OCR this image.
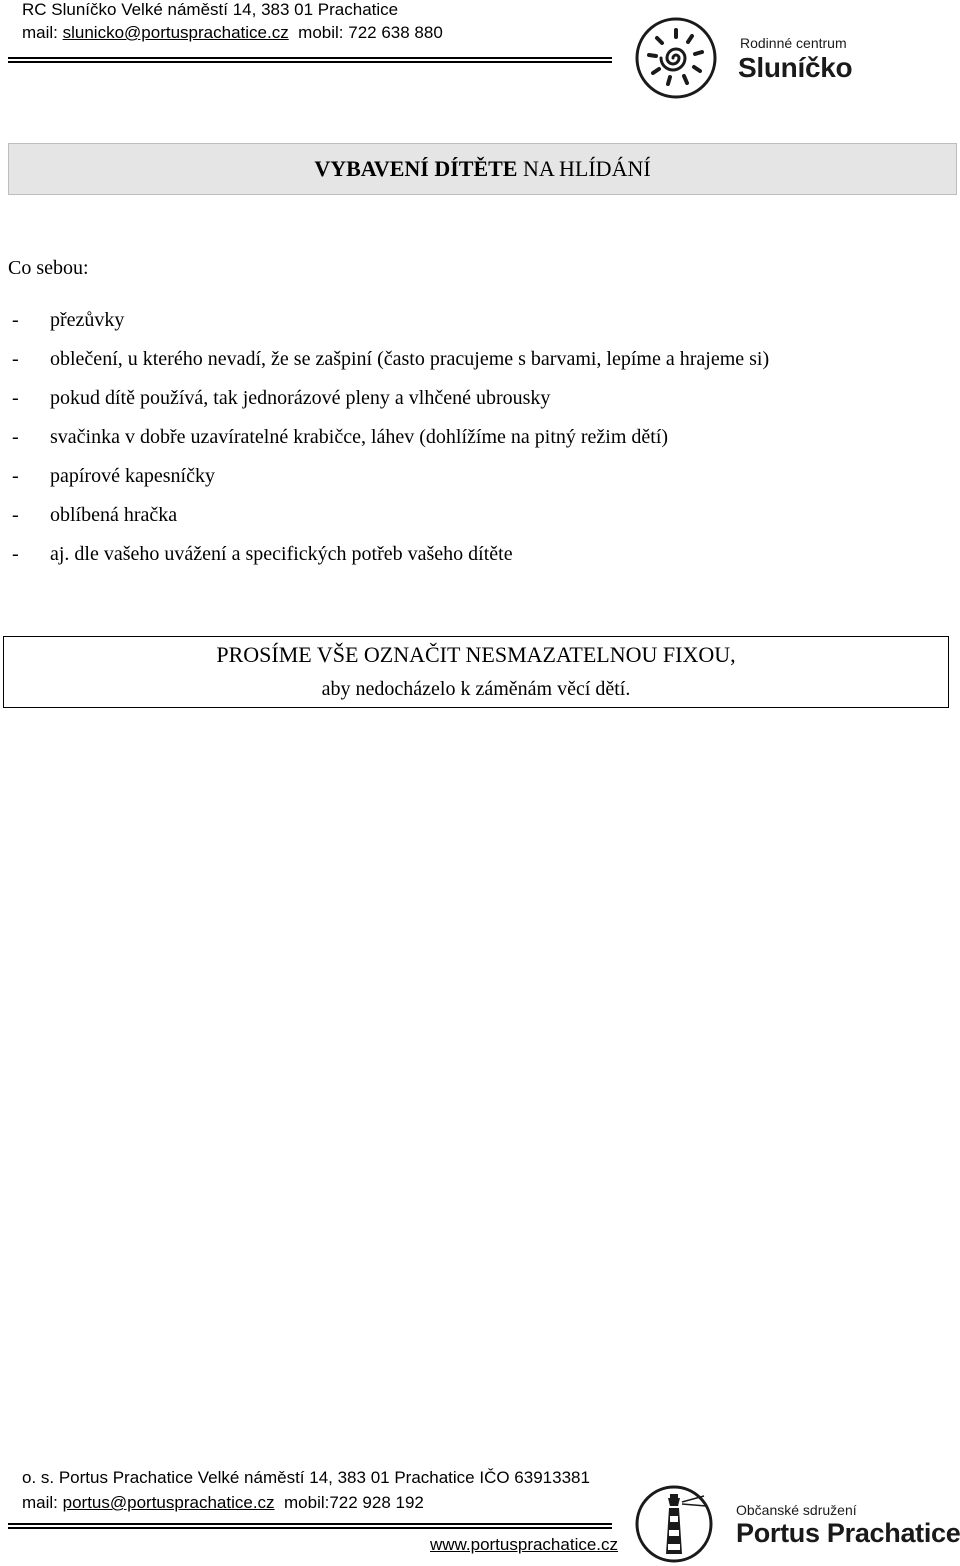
RC Sluníčko Velké náměstí 14, 383 01 Prachatice
mail: slunicko@portusprachatice.cz mobil: 722 638 880
Rodinné centrum
Sluníčko
VYBAVENÍ DÍTĚTE NA HLÍDÁNÍ
Co sebou:
-	přezůvky
-	oblečení, u kterého nevadí, že se zašpiní (často pracujeme s barvami, lepíme a hrajeme si)
-	pokud dítě používá, tak jednorázové pleny a vlhčené ubrousky
-	svačinka v dobře uzavíratelné krabičce, láhev (dohlížíme na pitný režim dětí)
-	papírové kapesníčky
-	oblíbená hračka
-	aj. dle vašeho uvážení a specifických potřeb vašeho dítěte
PROSÍME VŠE OZNAČIT NESMAZATELNOU FIXOU,
aby nedocházelo k záměnám věcí dětí.
o. s. Portus Prachatice Velké náměstí 14, 383 01 Prachatice IČO 63913381
mail: portus@portusprachatice.cz mobil:722 928 192
www.portusprachatice.cz
Občanské sdružení
Portus Prachatice
